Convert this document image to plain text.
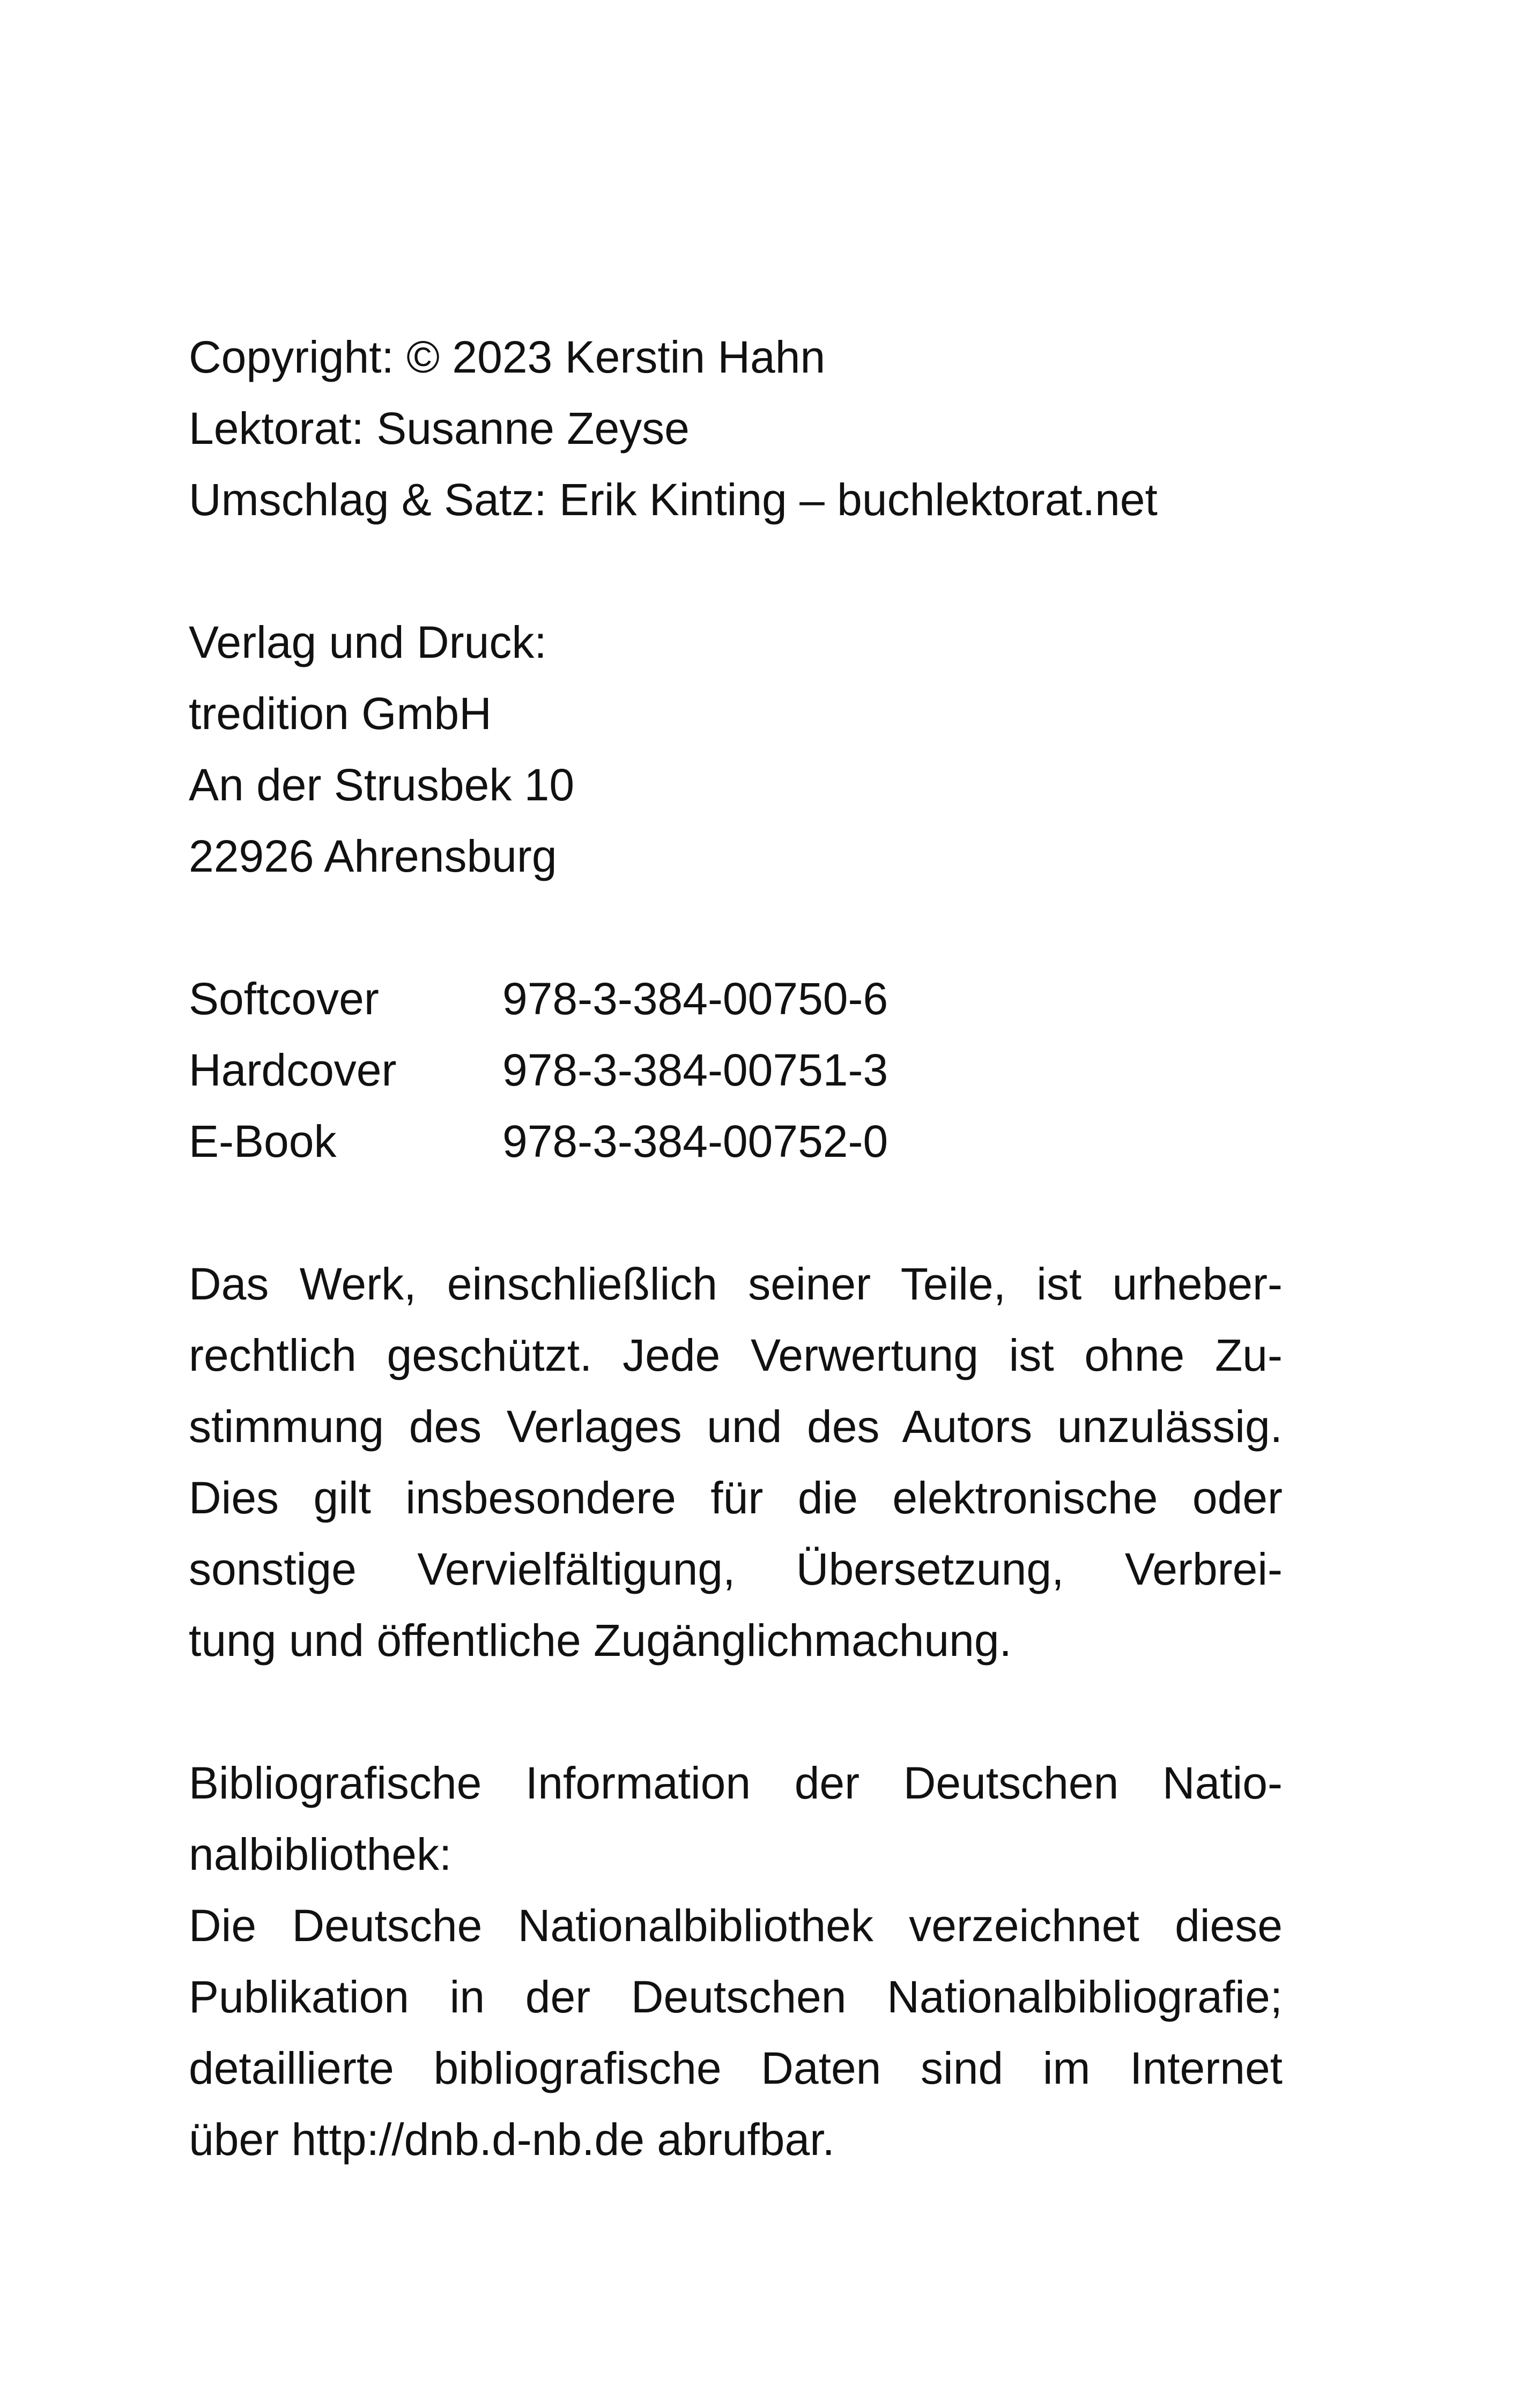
Copyright: © 2023 Kerstin Hahn
Lektorat: Susanne Zeyse
Umschlag & Satz: Erik Kinting – buchlektorat.net
Verlag und Druck:
tredition GmbH
An der Strusbek 10
22926 Ahrensburg
Softcover	978-3-384-00750-6
Hardcover	978-3-384-00751-3
E-Book	978-3-384-00752-0
Das Werk, einschließlich seiner Teile, ist urheber-
rechtlich geschützt. Jede Verwertung ist ohne Zu-
stimmung des Verlages und des Autors unzulässig.
Dies gilt insbesondere für die elektronische oder
sonstige Vervielfältigung, Übersetzung, Verbrei-
tung und öffentliche Zugänglichmachung.
Bibliografische Information der Deutschen Natio-
nalbibliothek:
Die Deutsche Nationalbibliothek verzeichnet diese
Publikation in der Deutschen Nationalbibliografie;
detaillierte bibliografische Daten sind im Internet
über http://dnb.d-nb.de abrufbar.
